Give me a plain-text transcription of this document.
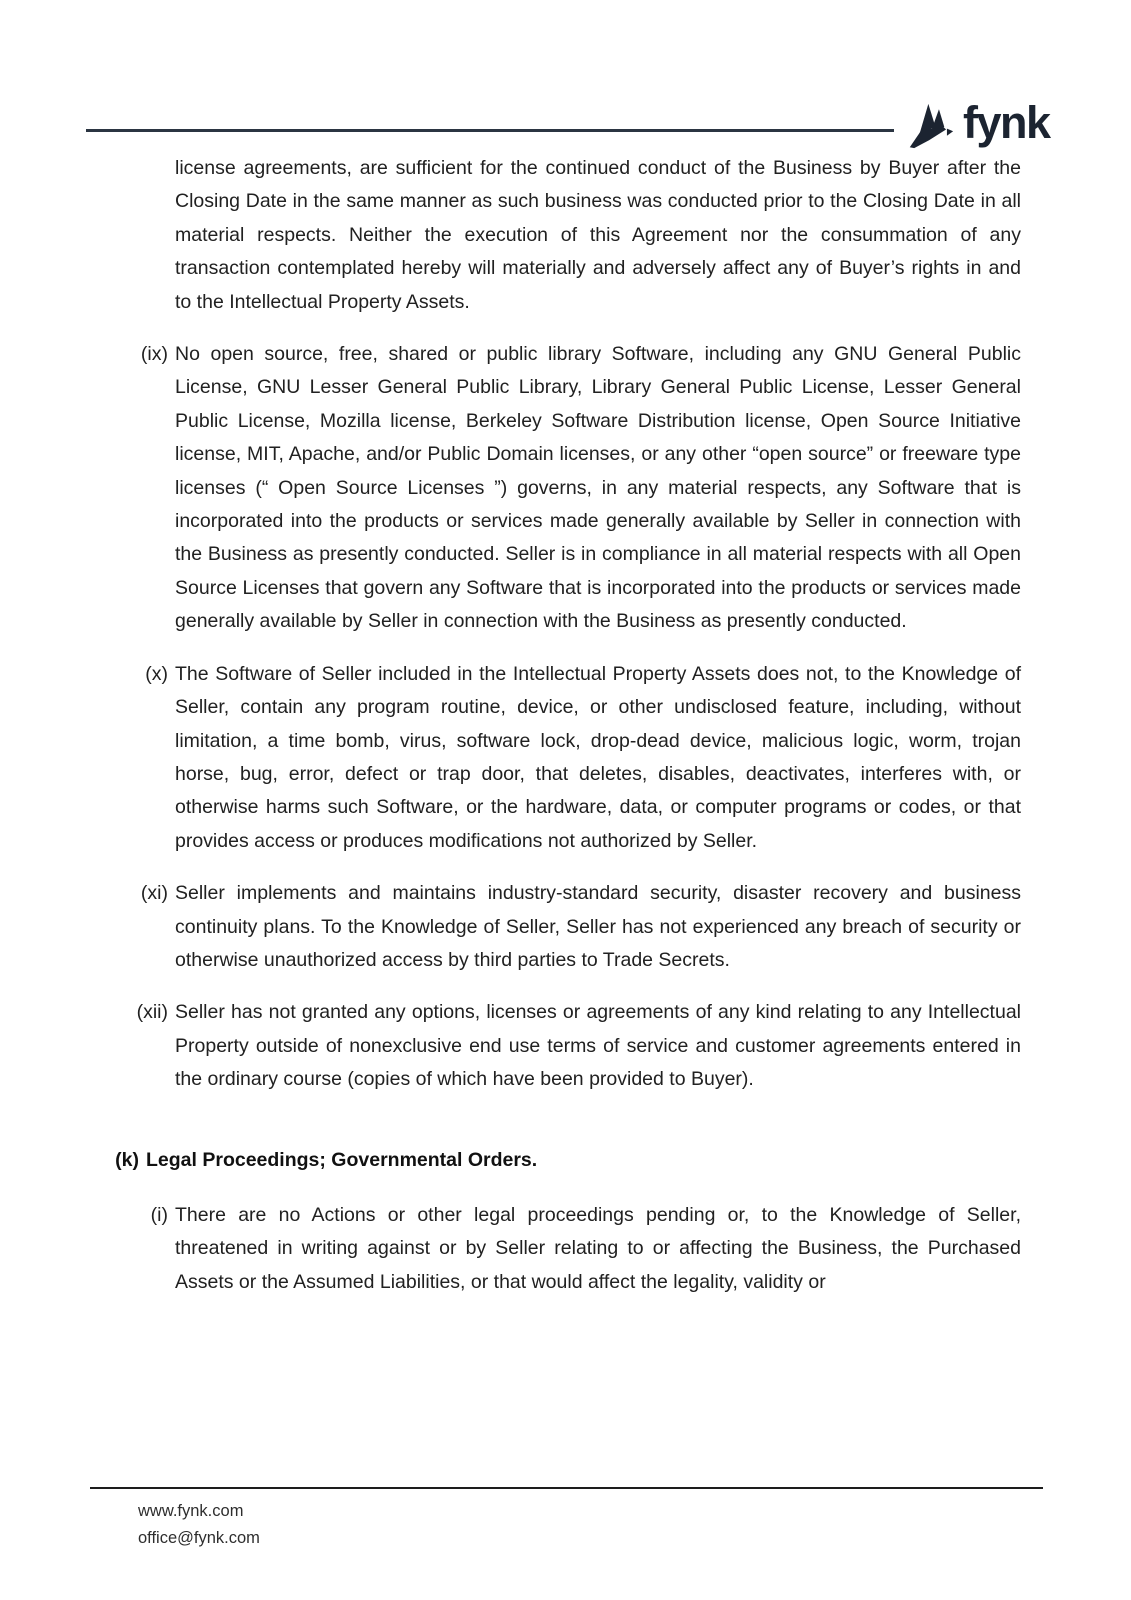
fynk

license agreements, are sufficient for the continued conduct of the Business by Buyer after the Closing Date in the same manner as such business was conducted prior to the Closing Date in all material respects. Neither the execution of this Agreement nor the consummation of any transaction contemplated hereby will materially and adversely affect any of Buyer’s rights in and to the Intellectual Property Assets.

(ix) No open source, free, shared or public library Software, including any GNU General Public License, GNU Lesser General Public Library, Library General Public License, Lesser General Public License, Mozilla license, Berkeley Software Distribution license, Open Source Initiative license, MIT, Apache, and/or Public Domain licenses, or any other “open source” or freeware type licenses (“ Open Source Licenses ”) governs, in any material respects, any Software that is incorporated into the products or services made generally available by Seller in connection with the Business as presently conducted. Seller is in compliance in all material respects with all Open Source Licenses that govern any Software that is incorporated into the products or services made generally available by Seller in connection with the Business as presently conducted.

(x) The Software of Seller included in the Intellectual Property Assets does not, to the Knowledge of Seller, contain any program routine, device, or other undisclosed feature, including, without limitation, a time bomb, virus, software lock, drop-dead device, malicious logic, worm, trojan horse, bug, error, defect or trap door, that deletes, disables, deactivates, interferes with, or otherwise harms such Software, or the hardware, data, or computer programs or codes, or that provides access or produces modifications not authorized by Seller.

(xi) Seller implements and maintains industry-standard security, disaster recovery and business continuity plans. To the Knowledge of Seller, Seller has not experienced any breach of security or otherwise unauthorized access by third parties to Trade Secrets.

(xii) Seller has not granted any options, licenses or agreements of any kind relating to any Intellectual Property outside of nonexclusive end use terms of service and customer agreements entered in the ordinary course (copies of which have been provided to Buyer).

(k) Legal Proceedings; Governmental Orders.

(i) There are no Actions or other legal proceedings pending or, to the Knowledge of Seller, threatened in writing against or by Seller relating to or affecting the Business, the Purchased Assets or the Assumed Liabilities, or that would affect the legality, validity or

www.fynk.com
office@fynk.com
